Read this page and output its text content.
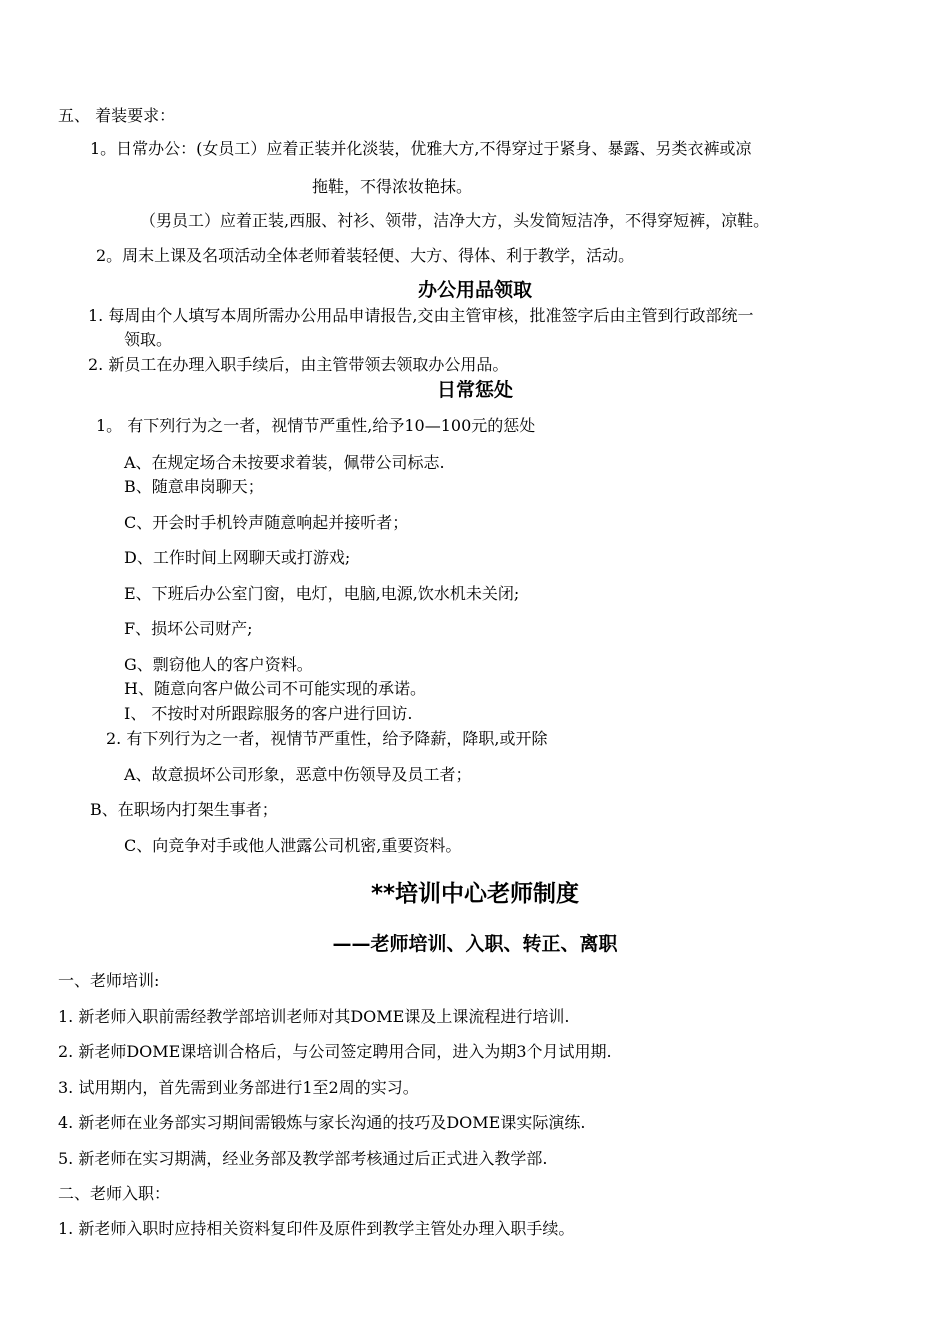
五、 着装要求：
1。日常办公：(女员工）应着正装并化淡装，优雅大方,不得穿过于紧身、暴露、另类衣裤或凉
拖鞋，不得浓妆艳抹。
（男员工）应着正装,西服、衬衫、领带，洁净大方，头发简短洁净，不得穿短裤，凉鞋。
2。周末上课及名项活动全体老师着装轻便、大方、得体、利于教学，活动。
办公用品领取
1. 每周由个人填写本周所需办公用品申请报告,交由主管审核，批准签字后由主管到行政部统一
领取。
2. 新员工在办理入职手续后，由主管带领去领取办公用品。
日常惩处
1。 有下列行为之一者，视情节严重性,给予10—100元的惩处
A、在规定场合未按要求着装，佩带公司标志.
B、随意串岗聊天；
C、开会时手机铃声随意响起并接听者；
D、工作时间上网聊天或打游戏;
E、下班后办公室门窗，电灯，电脑,电源,饮水机未关闭;
F、损坏公司财产;
G、剽窃他人的客户资料。
H、随意向客户做公司不可能实现的承诺。
I、 不按时对所跟踪服务的客户进行回访.
2. 有下列行为之一者，视情节严重性，给予降薪，降职,或开除
A、故意损坏公司形象，恶意中伤领导及员工者；
B、在职场内打架生事者；
C、向竞争对手或他人泄露公司机密,重要资料。
**培训中心老师制度
——老师培训、入职、转正、离职
一、老师培训:
1. 新老师入职前需经教学部培训老师对其DOME课及上课流程进行培训.
2. 新老师DOME课培训合格后，与公司签定聘用合同，进入为期3个月试用期.
3. 试用期内，首先需到业务部进行1至2周的实习。
4. 新老师在业务部实习期间需锻炼与家长沟通的技巧及DOME课实际演练.
5. 新老师在实习期满，经业务部及教学部考核通过后正式进入教学部.
二、老师入职：
1. 新老师入职时应持相关资料复印件及原件到教学主管处办理入职手续。
